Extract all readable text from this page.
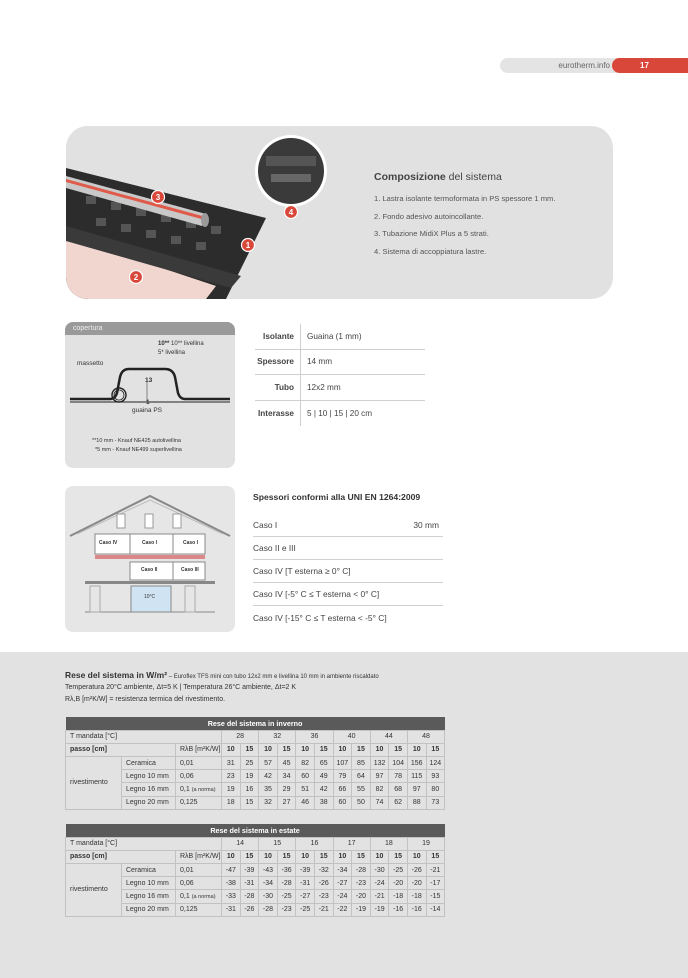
eurotherm.info	17
1
2
3
4
Composizione del sistema
1. Lastra isolante termoformata in PS spessore 1 mm.
2. Fondo adesivo autoincollante.
3. Tubazione MidiX Plus a 5 strati.
4. Sistema di accoppiatura lastre.
copertura
10** 10** livellina
5* livellina
massetto
13
1
guaina PS
**10 mm - Knauf NE425 autolivellina
*5 mm - Knauf NE499 superlivellina
Isolante	Guaina (1 mm)
Spessore	14 mm
Tubo	12x2 mm
Interasse	5 | 10 | 15 | 20 cm
Caso IV	Caso I	Caso I
Caso II	Caso III
10°C
Spessori conformi alla UNI EN 1264:2009
Caso I	30 mm
Caso II e III
Caso IV [T esterna ≥ 0° C]
Caso IV [-5° C ≤ T esterna < 0° C]
Caso IV [-15° C ≤ T esterna < -5° C]
Rese del sistema in W/m² – Euroflex TFS mini con tubo 12x2 mm e livellina 10 mm in ambiente riscaldato
Temperatura 20°C ambiente, Δt=5 K | Temperatura 26°C ambiente, Δt=2 K
Rλ,B [m²K/W] = resistenza termica del rivestimento.
Rese del sistema in inverno														
T mandata [°C]			28		32		36		40		44		48	
passo [cm]		RλB [m²K/W]	10	15	10	15	10	15	10	15	10	15	10	15
rivestimento	Ceramica	0,01	31	25	57	45	82	65	107	85	132	104	156	124
	Legno 10 mm	0,06	23	19	42	34	60	49	79	64	97	78	115	93
	Legno 16 mm	0,1 (a norma)	19	16	35	29	51	42	66	55	82	68	97	80
	Legno 20 mm	0,125	18	15	32	27	46	38	60	50	74	62	88	73
Rese del sistema in estate														
T mandata [°C]			14		15		16		17		18		19	
passo [cm]		RλB [m²K/W]	10	15	10	15	10	15	10	15	10	15	10	15
rivestimento	Ceramica	0,01	-47	-39	-43	-36	-39	-32	-34	-28	-30	-25	-26	-21
	Legno 10 mm	0,06	-38	-31	-34	-28	-31	-26	-27	-23	-24	-20	-20	-17
	Legno 16 mm	0,1 (a norma)	-33	-28	-30	-25	-27	-23	-24	-20	-21	-18	-18	-15
	Legno 20 mm	0,125	-31	-26	-28	-23	-25	-21	-22	-19	-19	-16	-16	-14
